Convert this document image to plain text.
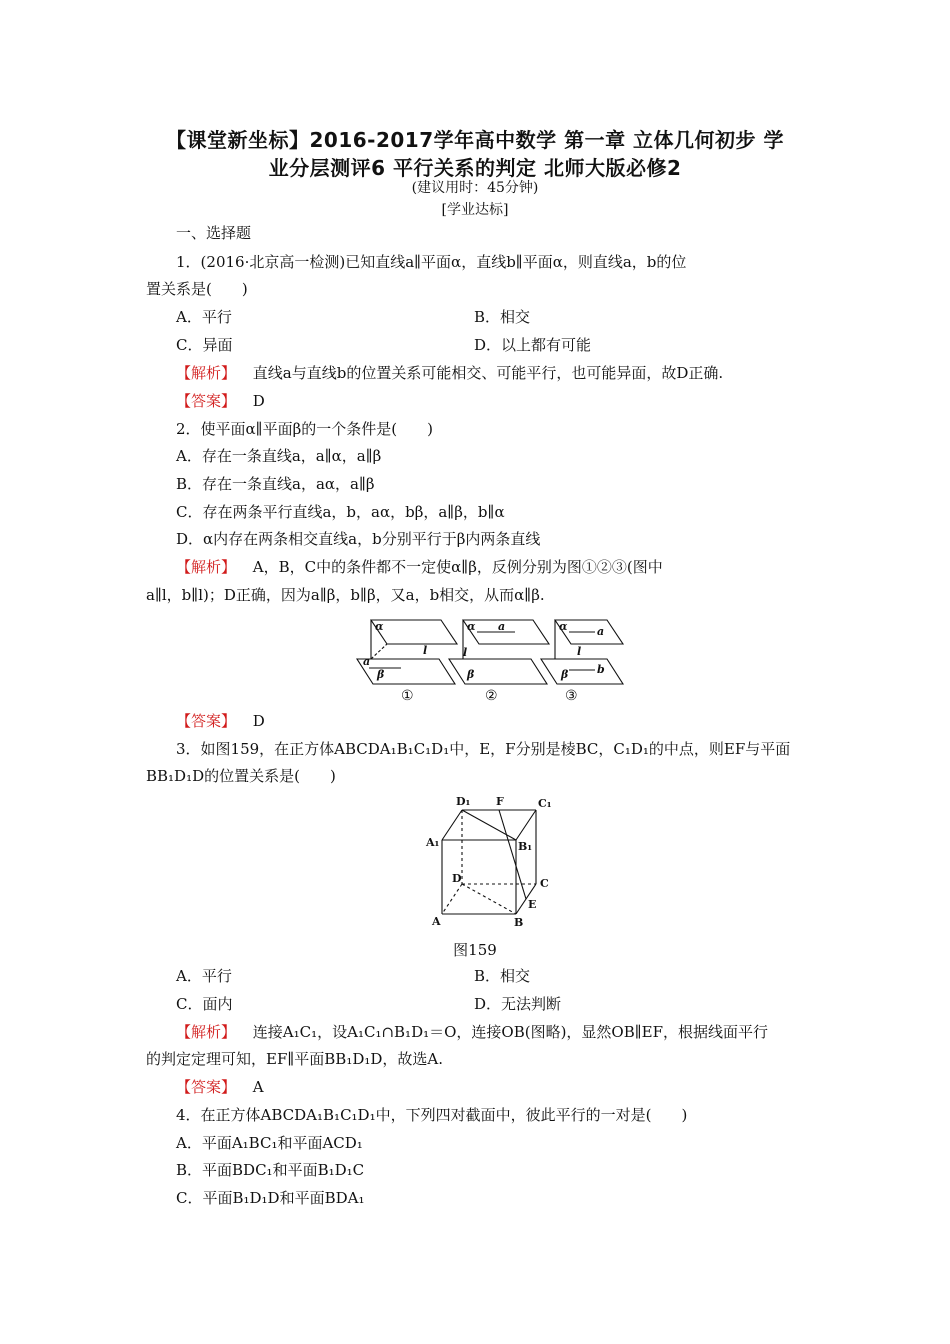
【课堂新坐标】2016-2017学年高中数学 第一章 立体几何初步 学
业分层测评6 平行关系的判定 北师大版必修2
(建议用时：45分钟)
[学业达标]
一、选择题
1．(2016·北京高一检测)已知直线a∥平面α，直线b∥平面α，则直线a，b的位
置关系是(　　)
A．平行	B．相交
C．异面	D．以上都有可能
【解析】 直线a与直线b的位置关系可能相交、可能平行，也可能异面，故D正确.
【答案】 D
2．使平面α∥平面β的一个条件是(　　)
A．存在一条直线a，a∥α，a∥β
B．存在一条直线a，aα，a∥β
C．存在两条平行直线a，b，aα，bβ，a∥β，b∥α
D．α内存在两条相交直线a，b分别平行于β内两条直线
【解析】 A，B，C中的条件都不一定使α∥β，反例分别为图①②③(图中
a∥l，b∥l)；D正确，因为a∥β，b∥β，又a，b相交，从而α∥β.
α
a
l
β
α a
l
β
α	a
l
b
β
①	②	③
【答案】 D
3．如图159，在正方体ABCDA₁B₁C₁D₁中，E，F分别是棱BC，C₁D₁的中点，则EF与平面
BB₁D₁D的位置关系是(　　)
D₁ F	C₁
A₁	B₁
D	C
A	B
E
图159
A．平行	B．相交
C．面内	D．无法判断
【解析】 连接A₁C₁，设A₁C₁∩B₁D₁＝O，连接OB(图略)，显然OB∥EF，根据线面平行
的判定定理可知，EF∥平面BB₁D₁D，故选A.
【答案】 A
4．在正方体ABCDA₁B₁C₁D₁中，下列四对截面中，彼此平行的一对是(　　)
A．平面A₁BC₁和平面ACD₁
B．平面BDC₁和平面B₁D₁C
C．平面B₁D₁D和平面BDA₁
